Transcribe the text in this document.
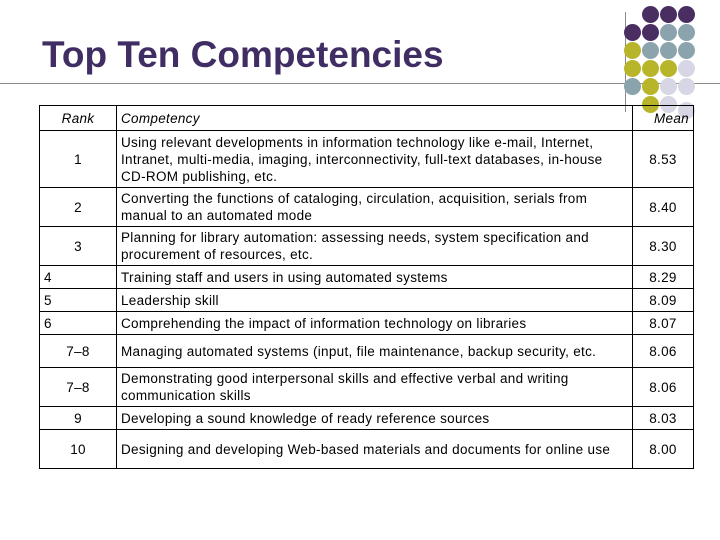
Top Ten Competencies
Rank	Competency	Mean
1	Using relevant developments in information technology like e-mail, Internet, Intranet, multi-media, imaging, interconnectivity, full-text databases, in-house CD-ROM publishing, etc.	8.53
2	Converting the functions of cataloging, circulation, acquisition, serials from manual to an automated mode	8.40
3	Planning for library automation: assessing needs, system specification and procurement of resources, etc.	8.30
4	Training staff and users in using automated systems	8.29
5	Leadership skill	8.09
6	Comprehending the impact of information technology on libraries	8.07
7–8	Managing automated systems (input, file maintenance, backup security, etc.	8.06
7–8	Demonstrating good interpersonal skills and effective verbal and writing communication skills	8.06
9	Developing a sound knowledge of ready reference sources	8.03
10	Designing and developing Web-based materials and documents for online use	8.00
